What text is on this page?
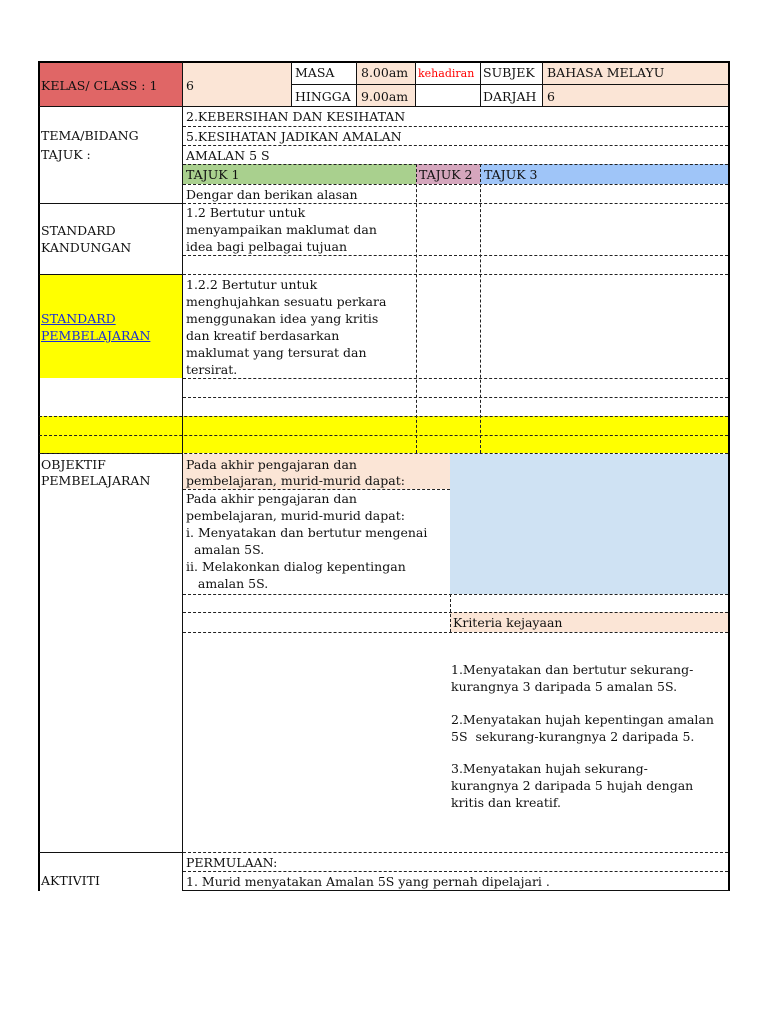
KELAS/ CLASS : 1 6
MASA 8.00am kehadiran SUBJEK BAHASA MELAYU
HINGGA 9.00am	DARJAH 6
TEMA/BIDANG
TAJUK :
2.KEBERSIHAN DAN KESIHATAN
5.KESIHATAN JADIKAN AMALAN
AMALAN 5 S
TAJUK 1	TAJUK 2 TAJUK 3
Dengar dan berikan alasan
STANDARD
KANDUNGAN
1.2 Bertutur untuk
menyampaikan maklumat dan
idea bagi pelbagai tujuan
STANDARD
PEMBELAJARAN
1.2.2 Bertutur untuk
menghujahkan sesuatu perkara
menggunakan idea yang kritis
dan kreatif berdasarkan
maklumat yang tersurat dan
tersirat.
OBJEKTIF
PEMBELAJARAN
Pada akhir pengajaran dan
pembelajaran, murid-murid dapat:
Pada akhir pengajaran dan
pembelajaran, murid-murid dapat:
i. Menyatakan dan bertutur mengenai
amalan 5S.
ii. Melakonkan dialog kepentingan
amalan 5S.
Kriteria kejayaan
1.Menyatakan dan bertutur sekurang-
kurangnya 3 daripada 5 amalan 5S.
2.Menyatakan hujah kepentingan amalan
5S  sekurang-kurangnya 2 daripada 5.
3.Menyatakan hujah sekurang-
kurangnya 2 daripada 5 hujah dengan
kritis dan kreatif.
AKTIVITI
PERMULAAN:
1. Murid menyatakan Amalan 5S yang pernah dipelajari .
